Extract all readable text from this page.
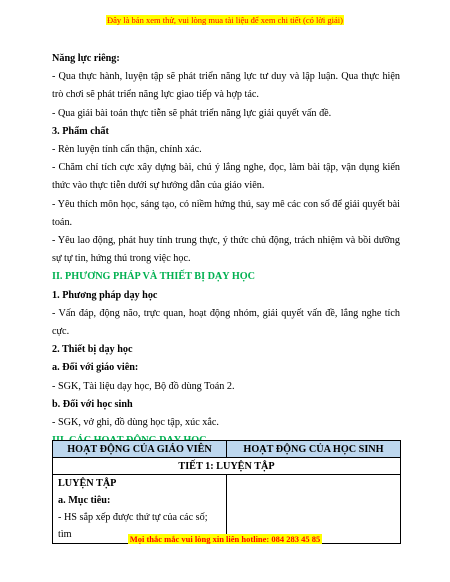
Đây là bản xem thử, vui lòng mua tài liệu để xem chi tiết (có lời giải)

Năng lực riêng:

- Qua thực hành, luyện tập sẽ phát triển năng lực tư duy và lập luận. Qua thực hiện trò chơi sẽ phát triển năng lực giao tiếp và hợp tác.

- Qua giải bài toán thực tiễn sẽ phát triển năng lực giải quyết vấn đề.

3. Phẩm chất

- Rèn luyện tính cẩn thận, chính xác.

- Chăm chỉ tích cực xây dựng bài, chú ý lắng nghe, đọc, làm bài tập, vận dụng kiến thức vào thực tiễn dưới sự hướng dẫn của giáo viên.

- Yêu thích môn học, sáng tạo, có niềm hứng thú, say mê các con số để giải quyết bài toán.

- Yêu lao động, phát huy tính trung thực, ý thức chủ động, trách nhiệm và bồi dưỡng sự tự tin, hứng thú trong việc học.

II. PHƯƠNG PHÁP VÀ THIẾT BỊ DẠY HỌC

1. Phương pháp dạy học

- Vấn đáp, động não, trực quan, hoạt động nhóm, giải quyết vấn đề, lắng nghe tích cực.

2. Thiết bị dạy học

a. Đối với giáo viên:

- SGK, Tài liệu dạy học, Bộ đồ dùng Toán 2.

b. Đối với học sinh

- SGK, vở ghi, đồ dùng học tập, xúc xắc.

III. CÁC HOẠT ĐỘNG DẠY HỌC

HOẠT ĐỘNG CỦA GIÁO VIÊN	HOẠT ĐỘNG CỦA HỌC SINH
TIẾT 1: LUYỆN TẬP	

LUYỆN TẬP
a. Mục tiêu:
- HS sắp xếp được thứ tự của các số; tìm	
		Mọi thắc mắc vui lòng xin liên hotline: 084 283 45 85
